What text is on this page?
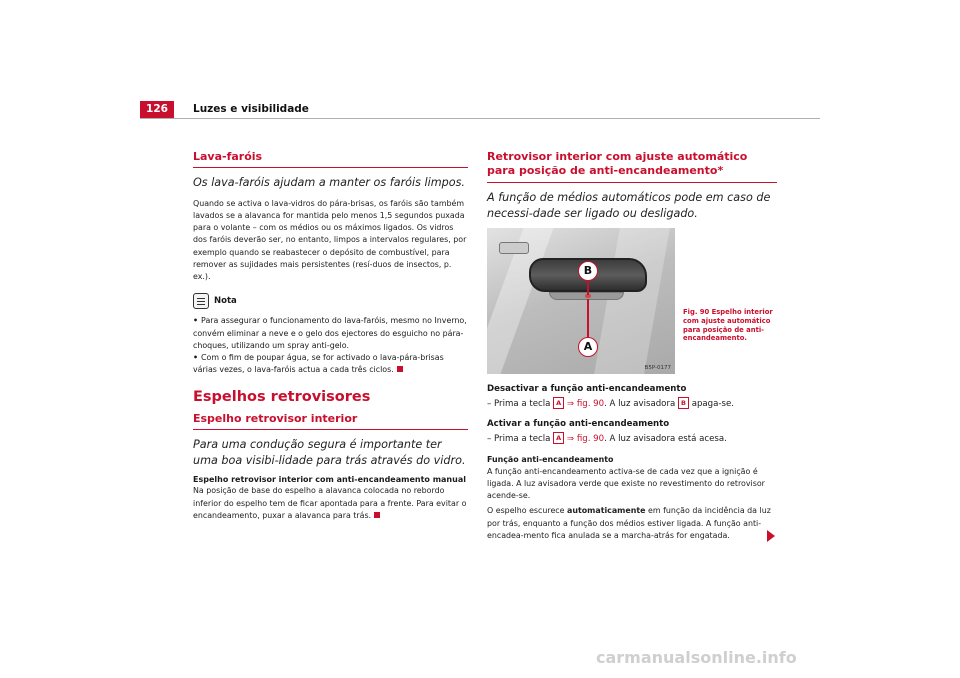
126	Luzes e visibilidade
Lava-faróis
Os lava-faróis ajudam a manter os faróis limpos.
Quando se activa o lava-vidros do pára-brisas, os faróis são também lavados se a alavanca for mantida pelo menos 1,5 segundos puxada para o volante – com os médios ou os máximos ligados. Os vidros dos faróis deverão ser, no entanto, limpos a intervalos regulares, por exemplo quando se reabastecer o depósito de combustível, para remover as sujidades mais persistentes (resí-duos de insectos, p. ex.).
Nota
• Para assegurar o funcionamento do lava-faróis, mesmo no Inverno, convém eliminar a neve e o gelo dos ejectores do esguicho no pára-choques, utilizando um spray anti-gelo.
• Com o fim de poupar água, se for activado o lava-pára-brisas várias vezes, o lava-faróis actua a cada três ciclos.
Espelhos retrovisores
Espelho retrovisor interior
Para uma condução segura é importante ter uma boa visibi-lidade para trás através do vidro.
Espelho retrovisor interior com anti-encandeamento manual
Na posição de base do espelho a alavanca colocada no rebordo inferior do espelho tem de ficar apontada para a frente. Para evitar o encandeamento, puxar a alavanca para trás.
Retrovisor interior com ajuste automático para posição de anti-encandeamento*
A função de médios automáticos pode em caso de necessi-dade ser ligado ou desligado.
B
A
B5P-0177
Desactivar a função anti-encandeamento
– Prima a tecla A ⇒ fig. 90. A luz avisadora B apaga-se.
Activar a função anti-encandeamento
– Prima a tecla A ⇒ fig. 90. A luz avisadora está acesa.
Função anti-encandeamento
A função anti-encandeamento activa-se de cada vez que a ignição é ligada. A luz avisadora verde que existe no revestimento do retrovisor acende-se.
O espelho escurece automaticamente em função da incidência da luz por trás, enquanto a função dos médios estiver ligada. A função anti-encadea-mento fica anulada se a marcha-atrás for engatada.
Fig. 90 Espelho interior com ajuste automático para posição de anti-encandeamento.
carmanualsonline.info
